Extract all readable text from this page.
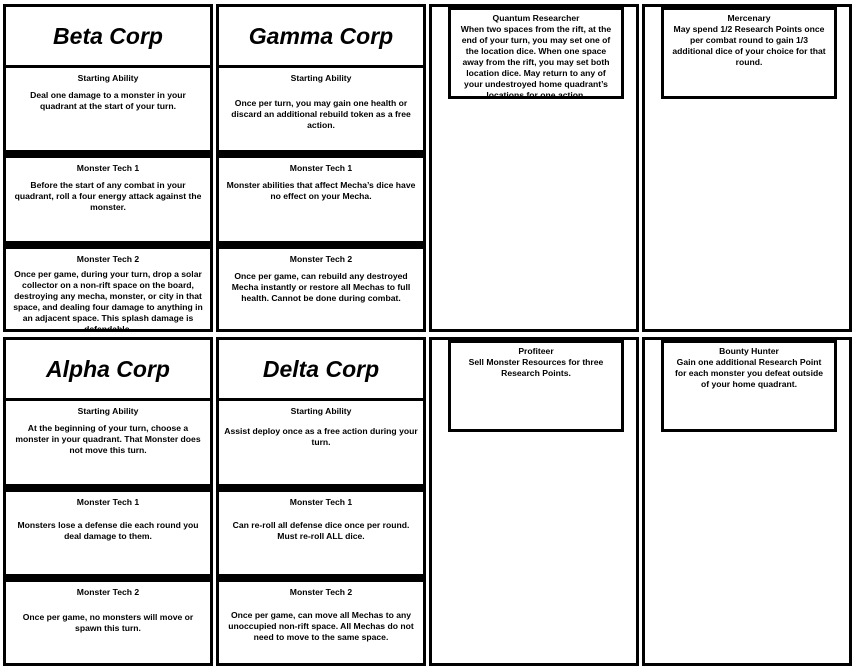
Beta Corp
Starting Ability
Deal one damage to a monster in your quadrant at the start of your turn.
Monster Tech 1
Before the start of any combat in your quadrant, roll a four energy attack against the monster.
Monster Tech 2
Once per game, during your turn, drop a solar collector on a non-rift space on the board, destroying any mecha, monster, or city in that space, and dealing four damage to anything in an adjacent space. This splash damage is defendable.
Gamma Corp
Starting Ability
Once per turn, you may gain one health or discard an additional rebuild token as a free action.
Monster Tech 1
Monster abilities that affect Mecha’s dice have no effect on your Mecha.
Monster Tech 2
Once per game, can rebuild any destroyed Mecha instantly or restore all Mechas to full health. Cannot be done during combat.
Alpha Corp
Starting Ability
At the beginning of your turn, choose a monster in your quadrant. That Monster does not move this turn.
Monster Tech 1
Monsters lose a defense die each round you deal damage to them.
Monster Tech 2
Once per game, no monsters will move or spawn this turn.
Delta Corp
Starting Ability
Assist deploy once as a free action during your turn.
Monster Tech 1
Can re-roll all defense dice once per round. Must re-roll ALL dice.
Monster Tech 2
Once per game, can move all Mechas to any unoccupied non-rift space. All Mechas do not need to move to the same space.
Quantum Researcher
When two spaces from the rift, at the end of your turn, you may set one of the location dice. When one space away from the rift, you may set both location dice. May return to any of your undestroyed home quadrant’s locations for one action.
Mercenary
May spend 1/2 Research Points once per combat round to gain 1/3 additional dice of your choice for that round.
Profiteer
Sell Monster Resources for three Research Points.
Bounty Hunter
Gain one additional Research Point for each monster you defeat outside of your home quadrant.
